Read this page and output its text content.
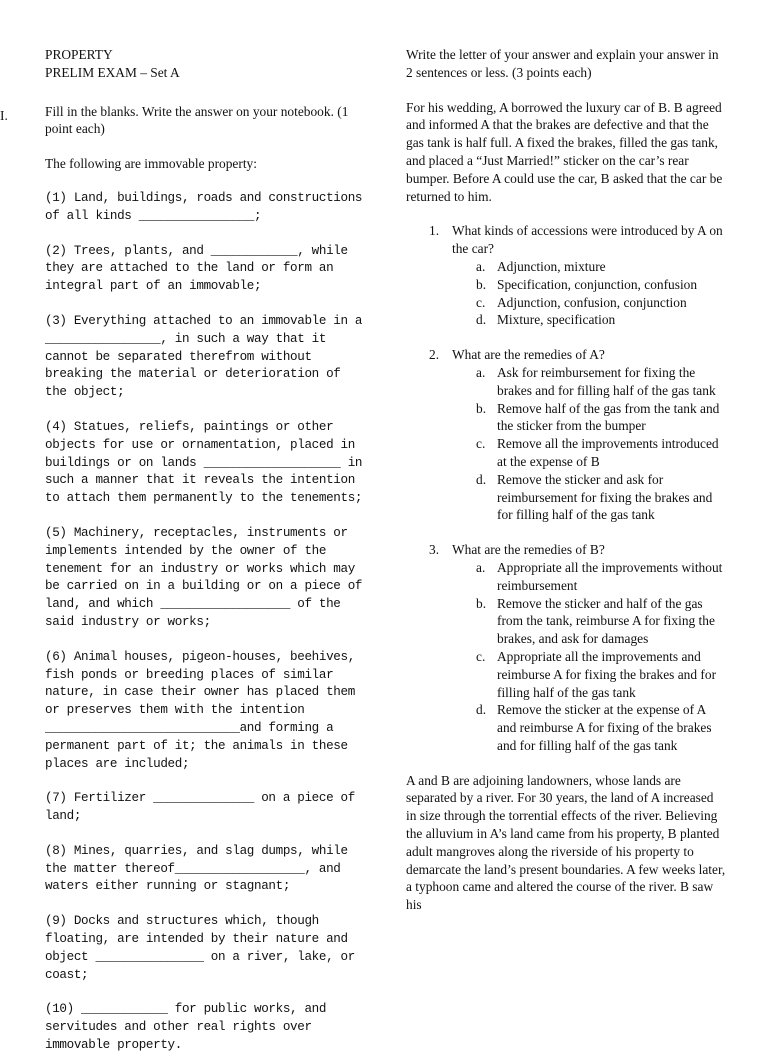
I.
PROPERTY
PRELIM EXAM – Set A

Fill in the blanks. Write the answer on your notebook. (1 point each)

The following are immovable property:

(1) Land, buildings, roads and constructions of all kinds ________________;

(2) Trees, plants, and ____________, while they are attached to the land or form an integral part of an immovable;

(3) Everything attached to an immovable in a ________________, in such a way that it cannot be separated therefrom without breaking the material or deterioration of the object;

(4) Statues, reliefs, paintings or other objects for use or ornamentation, placed in buildings or on lands ___________________ in such a manner that it reveals the intention to attach them permanently to the tenements;

(5) Machinery, receptacles, instruments or implements intended by the owner of the tenement for an industry or works which may be carried on in a building or on a piece of land, and which __________________ of the said industry or works;

(6) Animal houses, pigeon-houses, beehives, fish ponds or breeding places of similar nature, in case their owner has placed them or preserves them with the intention ___________________________and forming a permanent part of it; the animals in these places are included;

(7) Fertilizer ______________ on a piece of land;

(8) Mines, quarries, and slag dumps, while the matter thereof__________________, and waters either running or stagnant;

(9) Docks and structures which, though floating, are intended by their nature and object _______________ on a river, lake, or coast;

(10) ____________ for public works, and servitudes and other real rights over immovable property.

Write the letter of your answer and explain your answer in 2 sentences or less. (3 points each)

For his wedding, A borrowed the luxury car of B. B agreed and informed A that the brakes are defective and that the gas tank is half full. A fixed the brakes, filled the gas tank, and placed a “Just Married!” sticker on the car’s rear bumper. Before A could use the car, B asked that the car be returned to him.

1. What kinds of accessions were introduced by A on the car?
a. Adjunction, mixture
b. Specification, conjunction, confusion
c. Adjunction, confusion, conjunction
d. Mixture, specification
2. What are the remedies of A?
a. Ask for reimbursement for fixing the brakes and for filling half of the gas tank
b. Remove half of the gas from the tank and the sticker from the bumper
c. Remove all the improvements introduced at the expense of B
d. Remove the sticker and ask for reimbursement for fixing the brakes and for filling half of the gas tank
3. What are the remedies of B?
a. Appropriate all the improvements without reimbursement
b. Remove the sticker and half of the gas from the tank, reimburse A for fixing the brakes, and ask for damages
c. Appropriate all the improvements and reimburse A for fixing the brakes and for filling half of the gas tank
d. Remove the sticker at the expense of A and reimburse A for fixing of the brakes and for filling half of the gas tank

A and B are adjoining landowners, whose lands are separated by a river. For 30 years, the land of A increased in size through the torrential effects of the river. Believing the alluvium in A’s land came from his property, B planted adult mangroves along the riverside of his property to demarcate the land’s present boundaries. A few weeks later, a typhoon came and altered the course of the river. B saw his
